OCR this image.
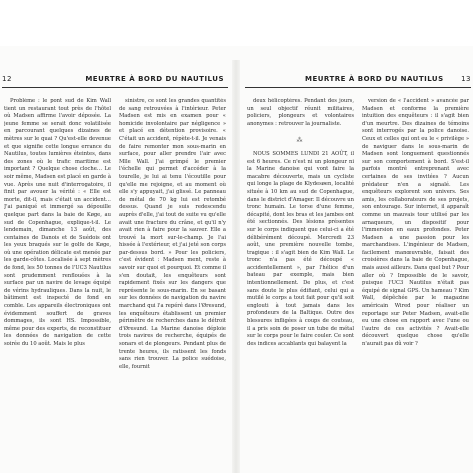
12	MEURTRE À BORD DU NAUTILUS

Problème : le pont sud de Kim Wall tient un restaurant tout près de l'hôtel où Madsen affirme l'avoir déposée. La jeune femme se serait donc volatilisée en parcourant quelques dizaines de mètres sur le quai ? Qu'est-elle devenue et que signifie cette longue errance du Nautilus, toutes lumières éteintes, dans des zones où le trafic maritime est important ? Quelque chose cloche… Le soir même, Madsen est placé en garde à vue. Après une nuit d'interrogatoire, il finit par avouer la vérité : « Elle est morte, dit-il, mais c'était un accident… J'ai paniqué et immergé sa dépouille quelque part dans la baie de Køge, au sud de Copenhague, explique-t-il. Le lendemain, dimanche 13 août, des centaines de Danois et de Suédois ont les yeux braqués sur le golfe de Køge, où une opération délicate est menée par les garde-côtes. Localisée à sept mètres de fond, les 50 tonnes de l'UC3 Nautilus sont prudemment renflouées à la surface par un navire de levage équipé de vérins hydrauliques. Dans la nuit, le bâtiment est inspecté de fond en comble. Les appareils électroniques ont évidemment souffert de graves dommages, ils sont HS. Impossible, même pour des experts, de reconstituer les données de navigation de cette soirée du 10 août. Mais le plus

sinistre, ce sont les grandes quantités de sang retrouvées à l'intérieur. Peter Madsen est mis en examen pour « homicide involontaire par négligence » et placé en détention provisoire. « C'était un accident, répète-t-il. Je venais de faire remonter mon sous-marin en surface, pour aller prendre l'air avec Mlle Wall. J'ai grimpé le premier l'échelle qui permet d'accéder à la tourelle, je lui ai tenu l'écoutille pour qu'elle me rejoigne, et au moment où elle s'y appuyait, j'ai glissé. Le panneau de métal de 70 kg lui est retombé dessus. Quand je suis redescendu auprès d'elle, j'ai tout de suite vu qu'elle avait une fracture du crâne, et qu'il n'y avait rien à faire pour la sauver. Elle a trouvé la mort sur-le-champ. Je l'ai hissée à l'extérieur, et j'ai jeté son corps par-dessus bord. » Pour les policiers, c'est évident : Madsen ment, reste à savoir sur quoi et pourquoi. Et comme il s'en doutait, les enquêteurs sont rapidement fixés sur les dangers que représente le sous-marin. En se basant sur les données de navigation du navire marchand qui l'a repéré dans l'Øresund, les enquêteurs établissent un premier périmètre de recherches dans le détroit d'Øresund. La Marine danoise déploie trois navires de recherche, équipés de sonars et de plongeurs. Pendant plus de trente heures, ils ratissent les fonds sans rien trouver. La police suédoise, elle, fournit

MEURTRE À BORD DU NAUTILUS 13

deux hélicoptères. Pendant des jours, un seul objectif réunit militaires, policiers, plongeurs et volontaires anonymes : retrouver la journaliste.

⁂

NOUS SOMMES LUNDI 21 AOÛT, il est 6 heures. Ce n'est ni un plongeur ni la Marine danoise qui vont faire la macabre découverte, mais un cycliste qui longe la plage de Klydesøen, localité située à 10 km au sud de Copenhague, dans le district d'Amager. Il découvre un tronc humain. Le torse d'une femme, décapité, dont les bras et les jambes ont été sectionnés. Des lésions présentes sur le corps indiquent que celui-ci a été délibérément découpé. Mercredi 23 août, une première nouvelle tombe, tragique : il s'agit bien de Kim Wall. Le tronc n'a pas été découpé « accidentellement », par l'hélice d'un bateau par exemple, mais bien intentionnellement. De plus, et c'est sans doute le plus édifiant, celui qui a mutilé le corps a tout fait pour qu'il soit englouti à tout jamais dans les profondeurs de la Baltique. Outre des blessures infligées à coups de couteau, il a pris soin de poser un tube de métal sur le corps pour le faire couler. Ce sont des indices accablants qui balayent la

version de « l'accident » avancée par Madsen et conforme la première intuition des enquêteurs : il s'agit bien d'un meurtre. Des dizaines de témoins sont interrogés par la police danoise. Ceux et celles qui ont eu le « privilège » de naviguer dans le sous-marin de Madsen sont longuement questionnés sur son comportement à bord. S'est-il parfois montré entreprenant avec certaines de ses invitées ? Aucun prédateur n'en a signalé. Les enquêteurs explorent son univers. Ses amis, les collaborateurs de ses projets, son entourage. Sur internet, il apparaît comme un mauvais tour utilisé par les arnaqueurs, un dispositif pour l'immersion en eaux profondes. Peter Madsen a une passion pour les marchandises. L'ingénieur de Madsen, facilement manœuvrable, faisait des croisières dans la baie de Copenhague, mais aussi ailleurs. Dans quel but ? Pour aller où ? Impossible de le savoir, puisque l'UC3 Nautilus n'était pas équipé de signal GPS. Un hameau ? Kim Wall, dépêchée par le magazine américain Wired pour réaliser un reportage sur Peter Madsen, avait-elle eu une chose en rapport avec l'une ou l'autre de ces activités ? Avait-elle découvert quelque chose qu'elle n'aurait pas dû voir ?
